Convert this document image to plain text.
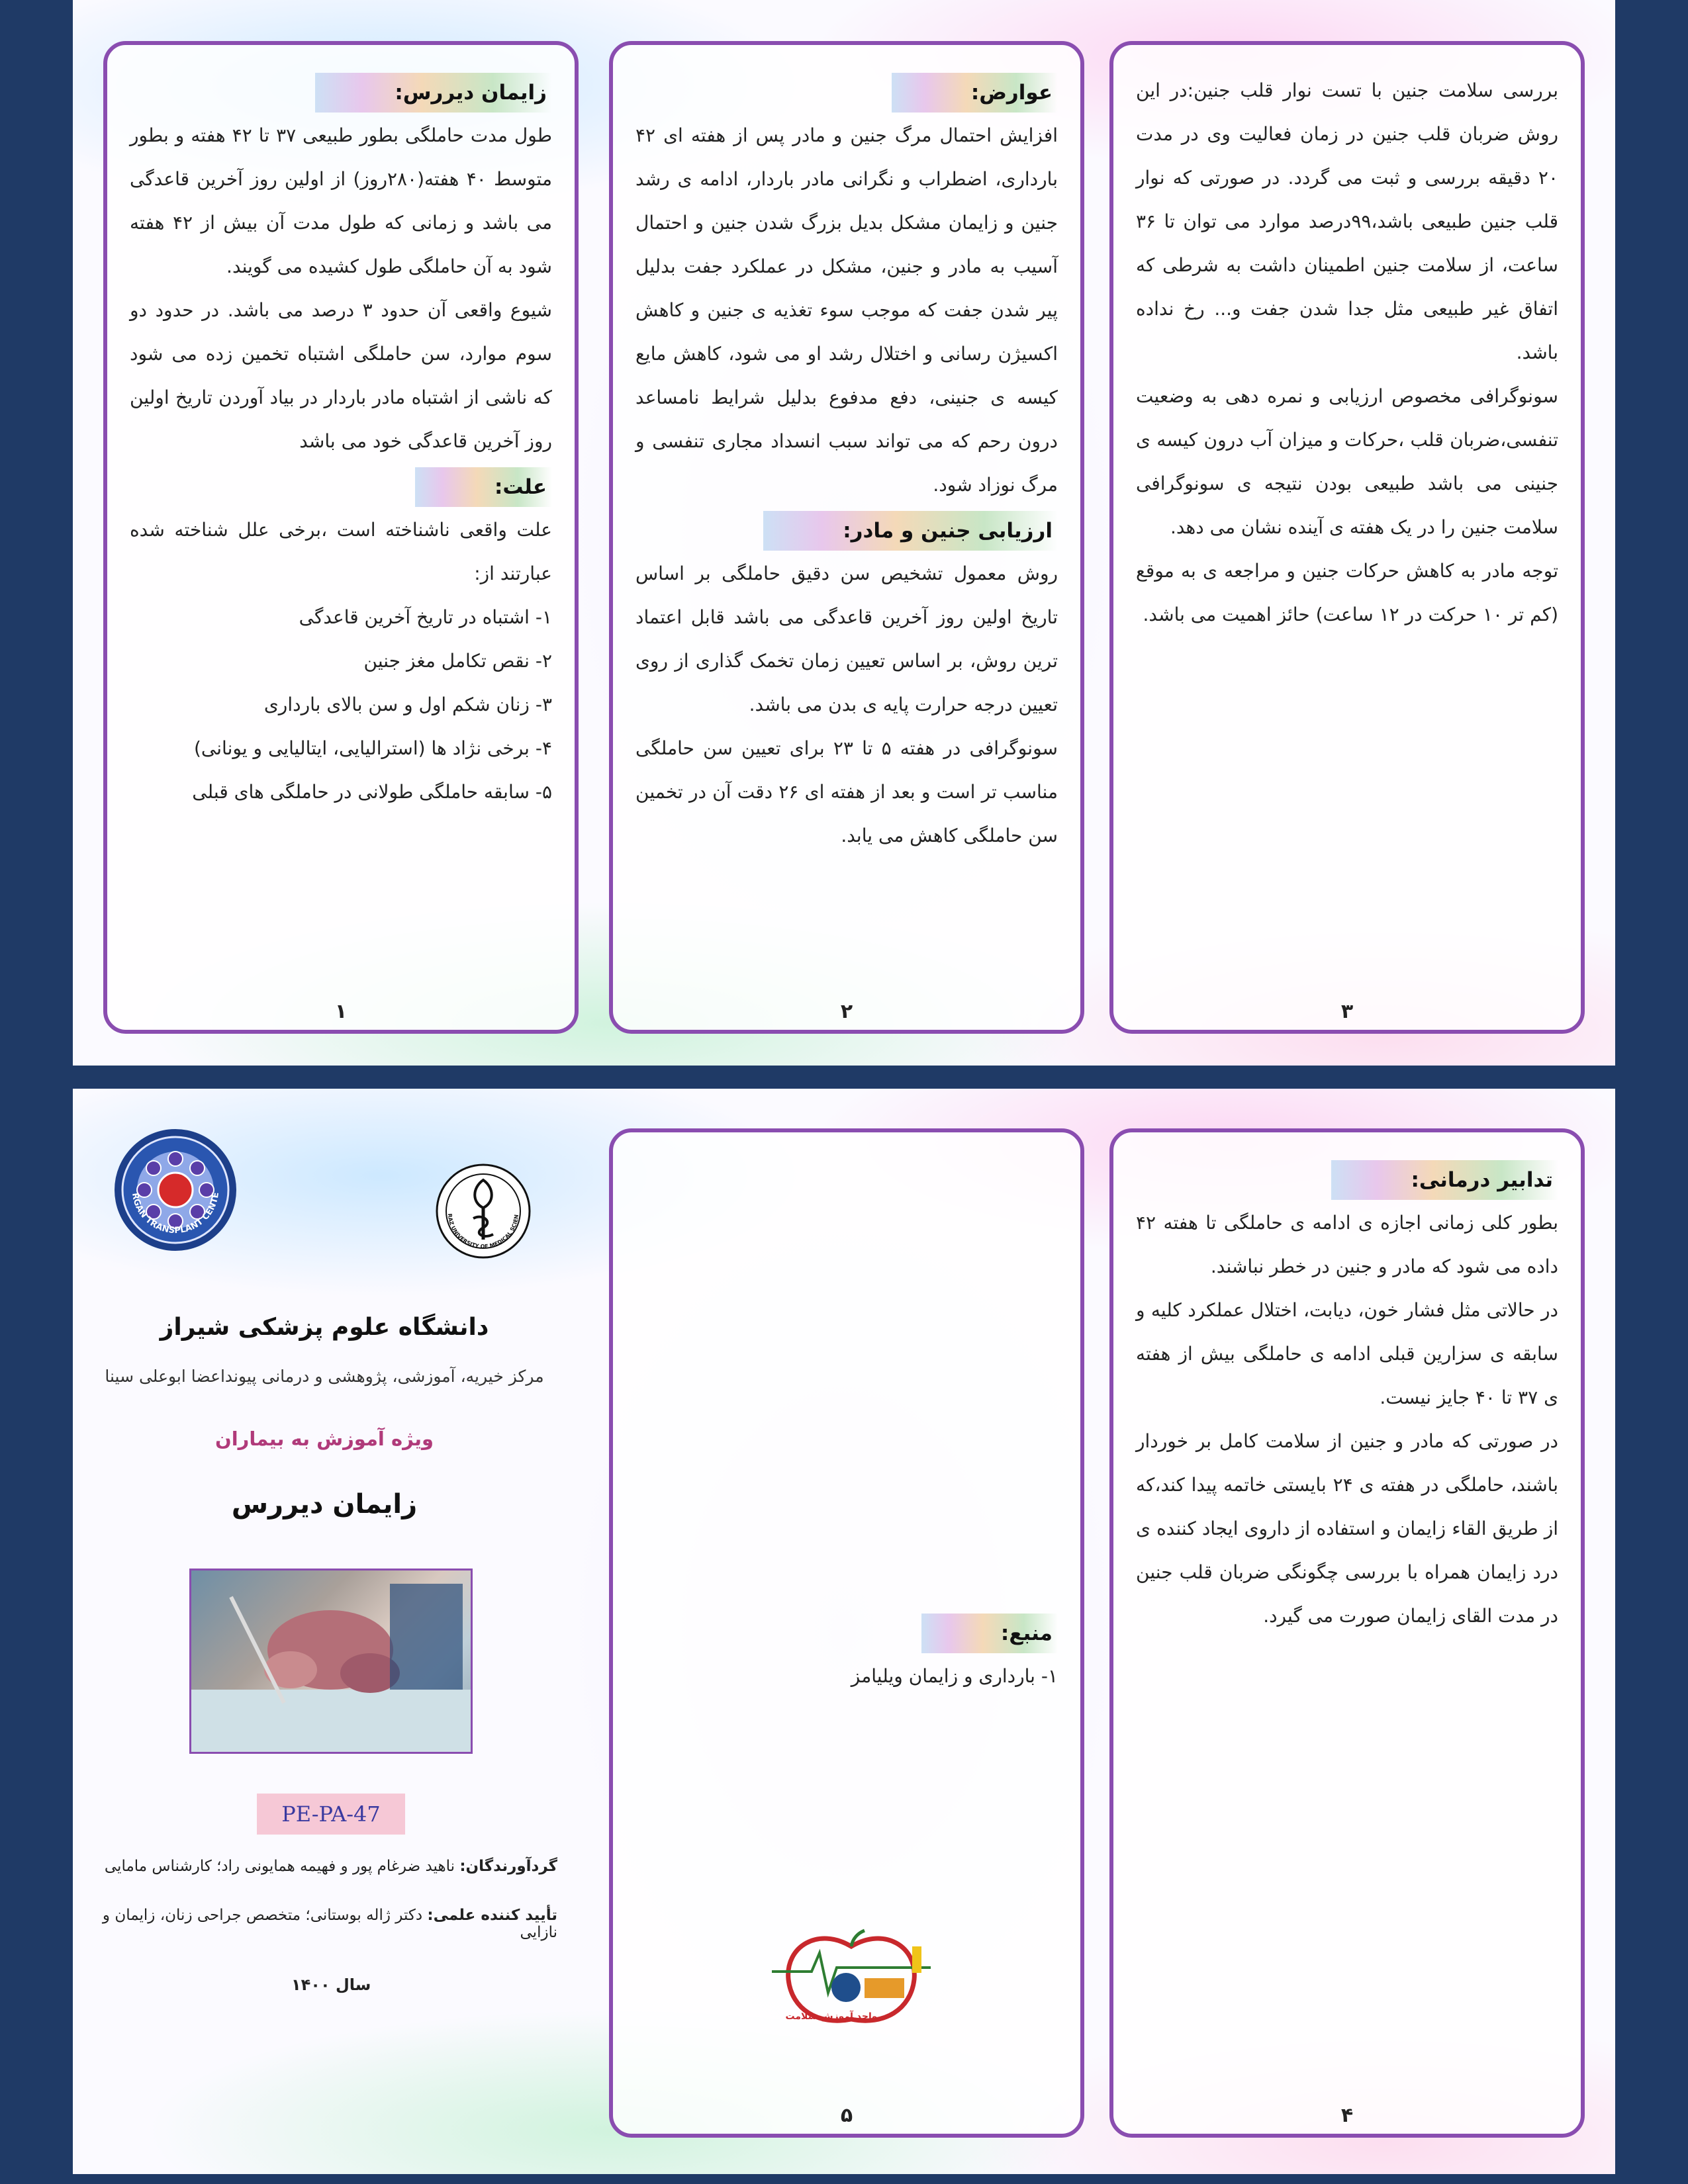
زایمان دیررس:

طول مدت حاملگی بطور طبیعی ۳۷ تا ۴۲ هفته و بطور متوسط ۴۰ هفته(۲۸۰روز) از اولین روز آخرین قاعدگی می باشد و زمانی که طول مدت آن بیش از ۴۲ هفته شود به آن حاملگی طول کشیده می گویند.

شیوع واقعی آن حدود ۳ درصد می باشد. در حدود دو سوم موارد، سن حاملگی اشتباه تخمین زده می شود که ناشی از اشتباه مادر باردار در بیاد آوردن تاریخ اولین روز آخرین قاعدگی خود می باشد

علت:

علت واقعی ناشناخته است ،برخی علل شناخته شده عبارتند از:

۱- اشتباه در تاریخ آخرین قاعدگی
۲- نقص تکامل مغز جنین
۳- زنان شکم اول و سن بالای بارداری
۴- برخی نژاد ها (استرالیایی، ایتالیایی و یونانی)
۵- سابقه حاملگی طولانی در حاملگی های قبلی
۱
عوارض:

افزایش احتمال مرگ جنین و مادر پس از هفته ای ۴۲ بارداری، اضطراب و نگرانی مادر باردار، ادامه ی رشد جنین و زایمان مشکل بدیل بزرگ شدن جنین و احتمال آسیب به مادر و جنین، مشکل در عملکرد جفت بدلیل پیر شدن جفت که موجب سوء تغذیه ی جنین و کاهش اکسیژن رسانی و اختلال رشد او می شود، کاهش مایع کیسه ی جنینی، دفع مدفوع بدلیل شرایط نامساعد درون رحم که می تواند سبب انسداد مجاری تنفسی و مرگ نوزاد شود.

ارزیابی جنین و مادر:

روش معمول تشخیص سن دقیق حاملگی بر اساس تاریخ اولین روز آخرین قاعدگی می باشد قابل اعتماد ترین روش، بر اساس تعیین زمان تخمک گذاری از روی تعیین درجه حرارت پایه ی بدن می باشد.

سونوگرافی در هفته ۵ تا ۲۳ برای تعیین سن حاملگی مناسب تر است و بعد از هفته ای ۲۶ دقت آن در تخمین سن حاملگی کاهش می یابد.

۲

بررسی سلامت جنین با تست نوار قلب جنین:در این روش ضربان قلب جنین در زمان فعالیت وی در مدت ۲۰ دقیقه بررسی و ثبت می گردد. در صورتی که نوار قلب جنین طبیعی باشد،۹۹درصد موارد می توان تا ۳۶ ساعت، از سلامت جنین اطمینان داشت به شرطی که اتفاق غیر طبیعی مثل جدا شدن جفت و... رخ نداده باشد.

سونوگرافی مخصوص ارزیابی و نمره دهی به وضعیت تنفسی،ضربان قلب ،حرکات و میزان آب درون کیسه ی جنینی می باشد طبیعی بودن نتیجه ی سونوگرافی سلامت جنین را در یک هفته ی آینده نشان می دهد.

توجه مادر به کاهش حرکات جنین و مراجعه ی به موقع (کم تر ۱۰ حرکت در ۱۲ ساعت) حائز اهمیت می باشد.

۳
RGAN TRANSPLANT CENTE
RAZ UNIVERSITY OF MEDICAL SCIEN
دانشگاه علوم پزشکی شیراز
مرکز خیریه، آموزشی، پژوهشی و درمانی پیونداعضا ابوعلی سینا
ویژه آموزش به بیماران
زایمان دیررس
PE-PA-47
گردآورندگان: ناهید ضرغام پور و فهیمه همایونی راد؛ کارشناس مامایی
تأیید کننده علمی: دکتر ژاله بوستانی؛ متخصص جراحی زنان، زایمان و نازایی
سال ۱۴۰۰
منبع:

۱- بارداری و زایمان ویلیامز

واحد آموزش سلامت
۵
تدابیر درمانی:

بطور کلی زمانی اجازه ی ادامه ی حاملگی تا هفته ۴۲ داده می شود که مادر و جنین در خطر نباشند.

در حالاتی مثل فشار خون، دیابت، اختلال عملکرد کلیه و سابقه ی سزارین قبلی ادامه ی حاملگی بیش از هفته ی ۳۷ تا ۴۰ جایز نیست.

در صورتی که مادر و جنین از سلامت کامل بر خوردار باشند، حاملگی در هفته ی ۲۴ بایستی خاتمه پیدا کند،که از طریق القاء زایمان و استفاده از داروی ایجاد کننده ی درد زایمان همراه با بررسی چگونگی ضربان قلب جنین در مدت القای زایمان صورت می گیرد.

۴
